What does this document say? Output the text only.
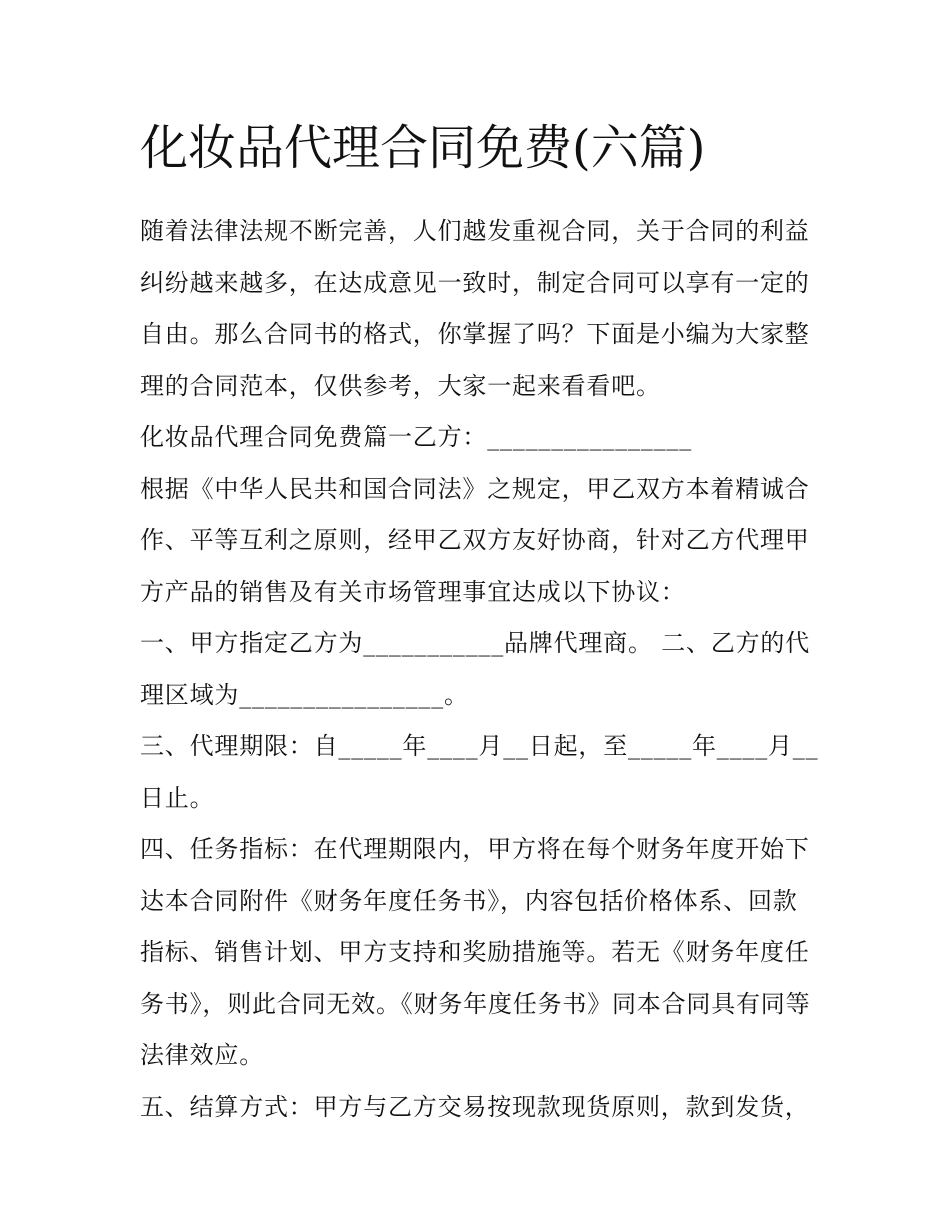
化妆品代理合同免费(六篇)

随着法律法规不断完善，人们越发重视合同，关于合同的利益纠纷越来越多，在达成意见一致时，制定合同可以享有一定的自由。那么合同书的格式，你掌握了吗？下面是小编为大家整理的合同范本，仅供参考，大家一起来看看吧。

化妆品代理合同免费篇一乙方：________________

根据《中华人民共和国合同法》之规定，甲乙双方本着精诚合作、平等互利之原则，经甲乙双方友好协商，针对乙方代理甲方产品的销售及有关市场管理事宜达成以下协议：

一、甲方指定乙方为___________品牌代理商。 二、乙方的代理区域为________________。

三、代理期限：自_____年____月__日起，至_____年____月__日止。

四、任务指标：在代理期限内，甲方将在每个财务年度开始下达本合同附件《财务年度任务书》，内容包括价格体系、回款指标、销售计划、甲方支持和奖励措施等。若无《财务年度任务书》，则此合同无效。《财务年度任务书》同本合同具有同等法律效应。

五、结算方式：甲方与乙方交易按现款现货原则，款到发货，
